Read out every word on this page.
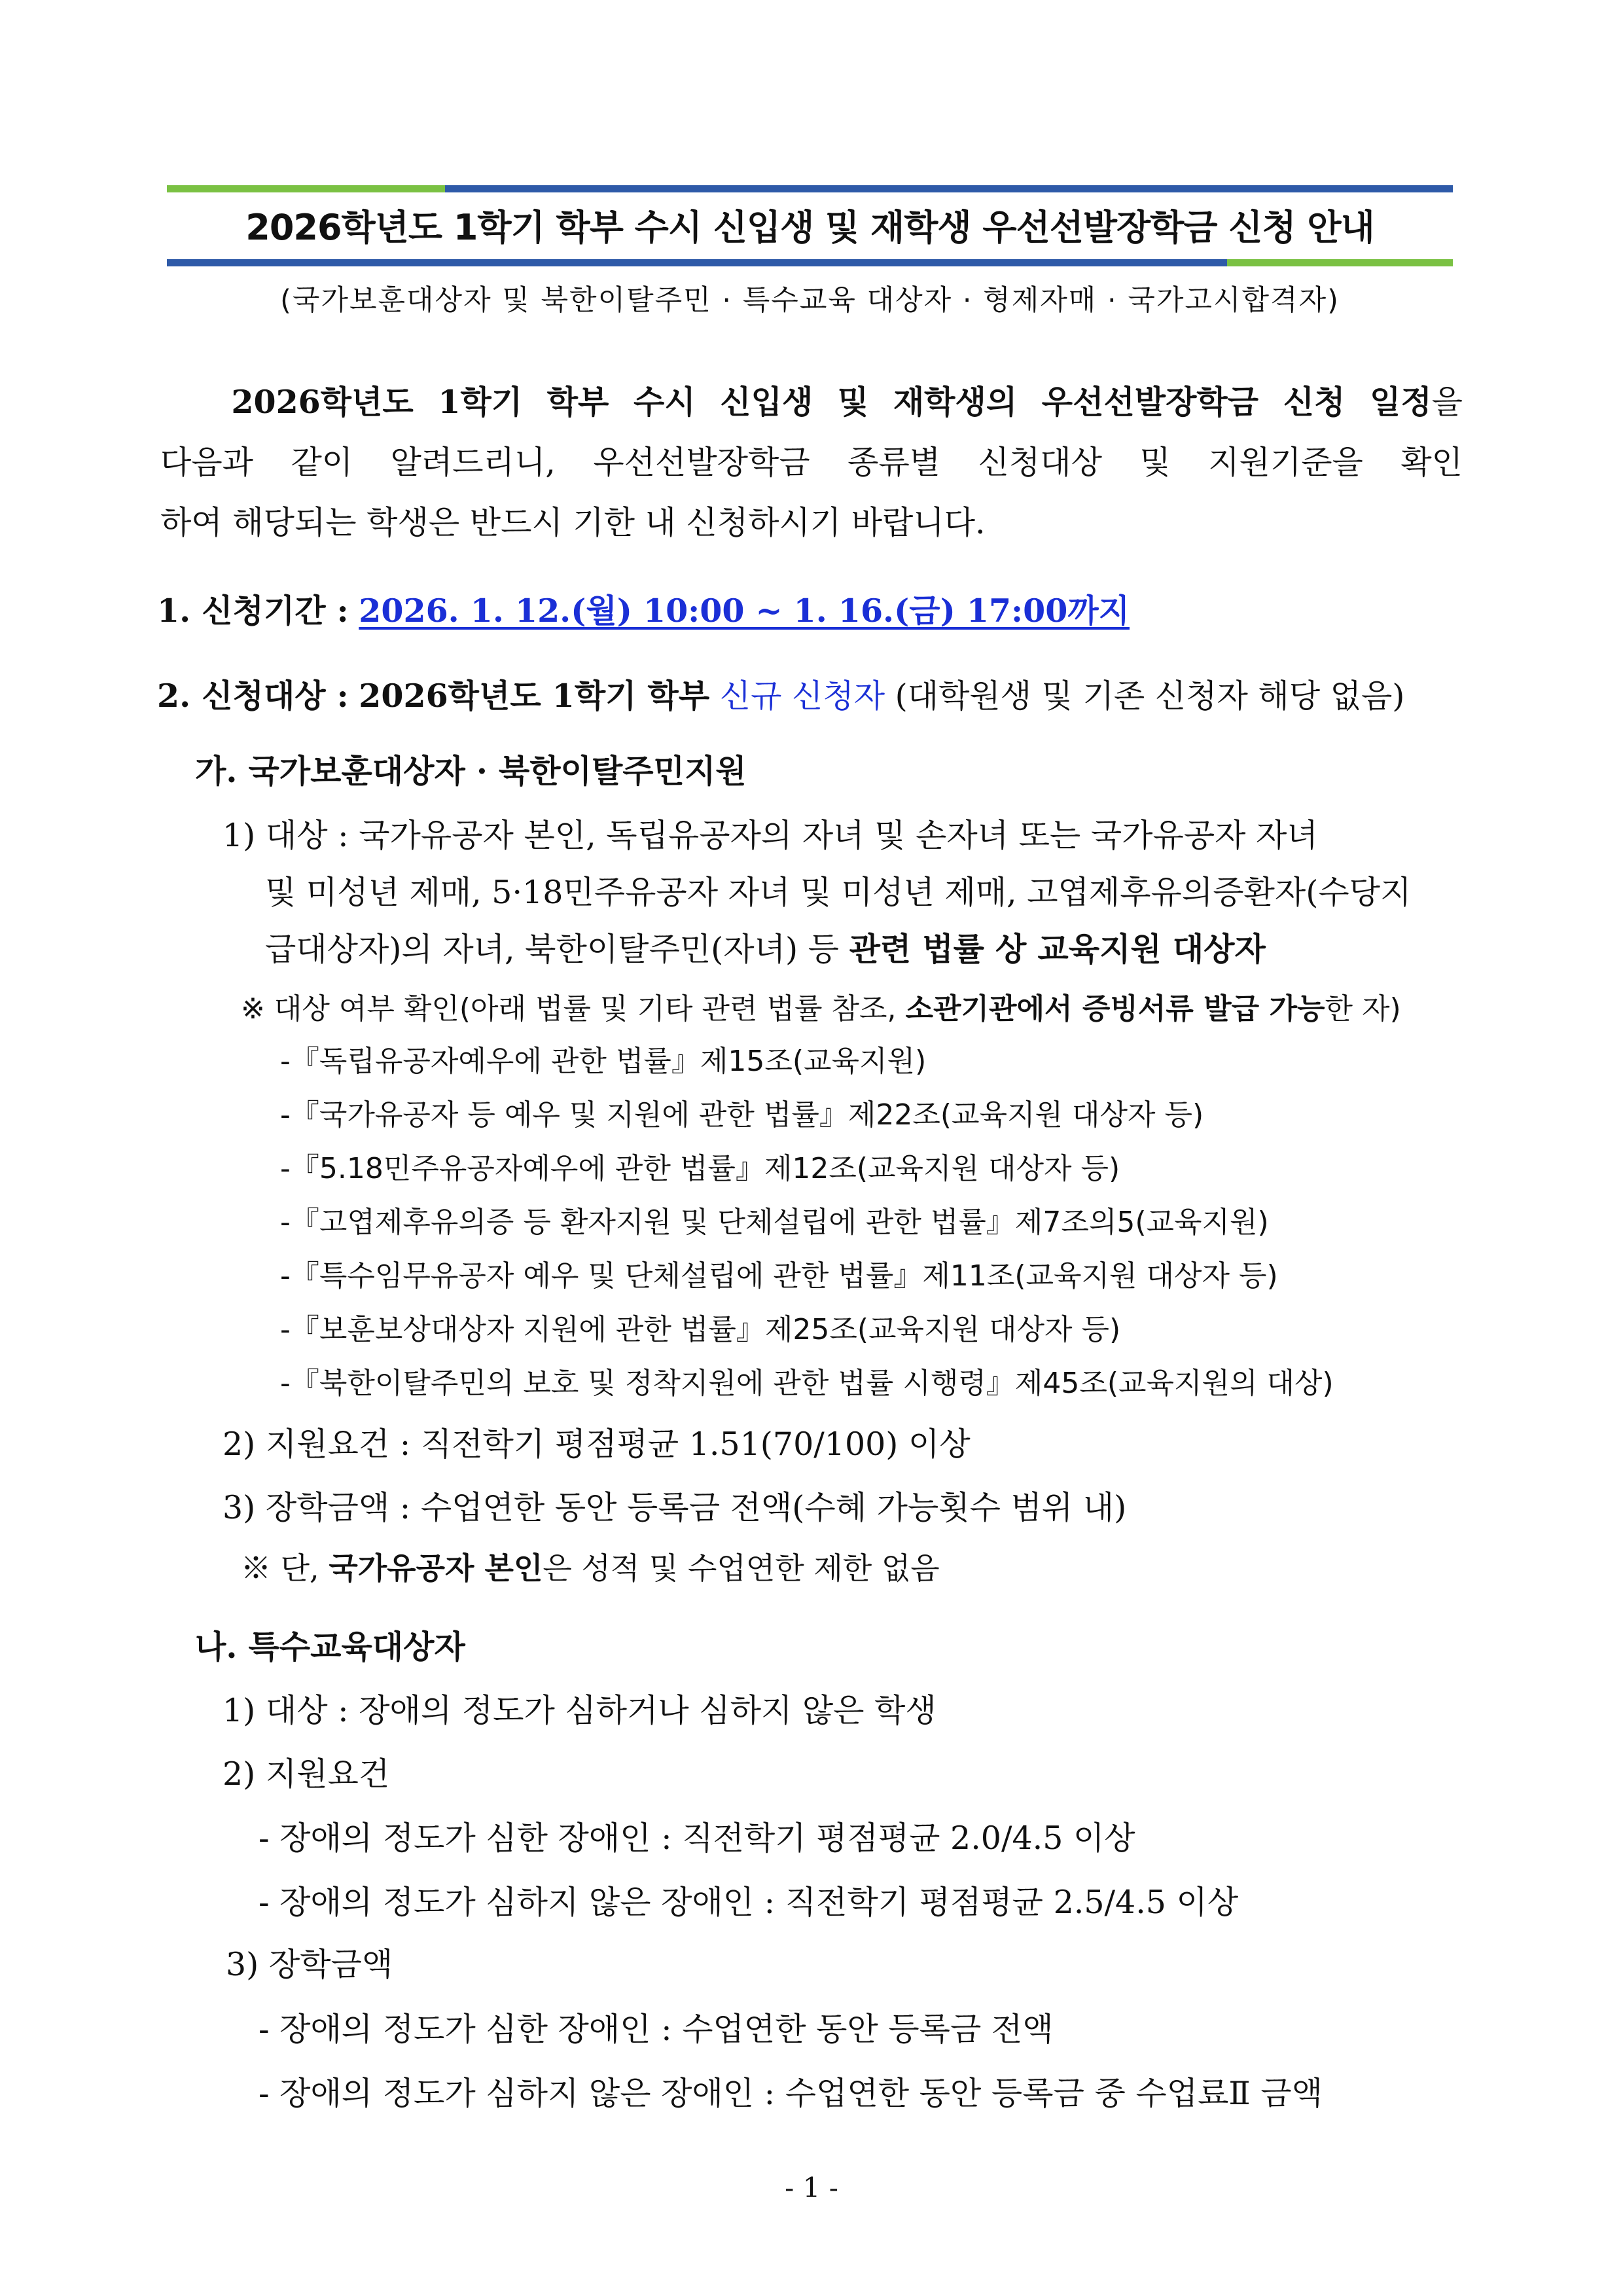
2026학년도 1학기 학부 수시 신입생 및 재학생 우선선발장학금 신청 안내
(국가보훈대상자 및 북한이탈주민 · 특수교육 대상자 · 형제자매 · 국가고시합격자)
2026학년도 1학기 학부 수시 신입생 및 재학생의 우선선발장학금 신청 일정을
다음과 같이 알려드리니, 우선선발장학금 종류별 신청대상 및 지원기준을 확인
하여 해당되는 학생은 반드시 기한 내 신청하시기 바랍니다.
1. 신청기간 : 2026. 1. 12.(월) 10:00 ~ 1. 16.(금) 17:00까지
2. 신청대상 : 2026학년도 1학기 학부 신규 신청자 (대학원생 및 기존 신청자 해당 없음)
가. 국가보훈대상자 · 북한이탈주민지원
1) 대상 : 국가유공자 본인, 독립유공자의 자녀 및 손자녀 또는 국가유공자 자녀
및 미성년 제매, 5·18민주유공자 자녀 및 미성년 제매, 고엽제후유의증환자(수당지
급대상자)의 자녀, 북한이탈주민(자녀) 등 관련 법률 상 교육지원 대상자
※ 대상 여부 확인(아래 법률 및 기타 관련 법률 참조, 소관기관에서 증빙서류 발급 가능한 자)
-『독립유공자예우에 관한 법률』제15조(교육지원)
-『국가유공자 등 예우 및 지원에 관한 법률』제22조(교육지원 대상자 등)
-『5.18민주유공자예우에 관한 법률』제12조(교육지원 대상자 등)
-『고엽제후유의증 등 환자지원 및 단체설립에 관한 법률』제7조의5(교육지원)
-『특수임무유공자 예우 및 단체설립에 관한 법률』제11조(교육지원 대상자 등)
-『보훈보상대상자 지원에 관한 법률』제25조(교육지원 대상자 등)
-『북한이탈주민의 보호 및 정착지원에 관한 법률 시행령』제45조(교육지원의 대상)
2) 지원요건 : 직전학기 평점평균 1.51(70/100) 이상
3) 장학금액 : 수업연한 동안 등록금 전액(수혜 가능횟수 범위 내)
※ 단, 국가유공자 본인은 성적 및 수업연한 제한 없음
나. 특수교육대상자
1) 대상 : 장애의 정도가 심하거나 심하지 않은 학생
2) 지원요건
- 장애의 정도가 심한 장애인 : 직전학기 평점평균 2.0/4.5 이상
- 장애의 정도가 심하지 않은 장애인 : 직전학기 평점평균 2.5/4.5 이상
3) 장학금액
- 장애의 정도가 심한 장애인 : 수업연한 동안 등록금 전액
- 장애의 정도가 심하지 않은 장애인 : 수업연한 동안 등록금 중 수업료Ⅱ 금액
- 1 -
